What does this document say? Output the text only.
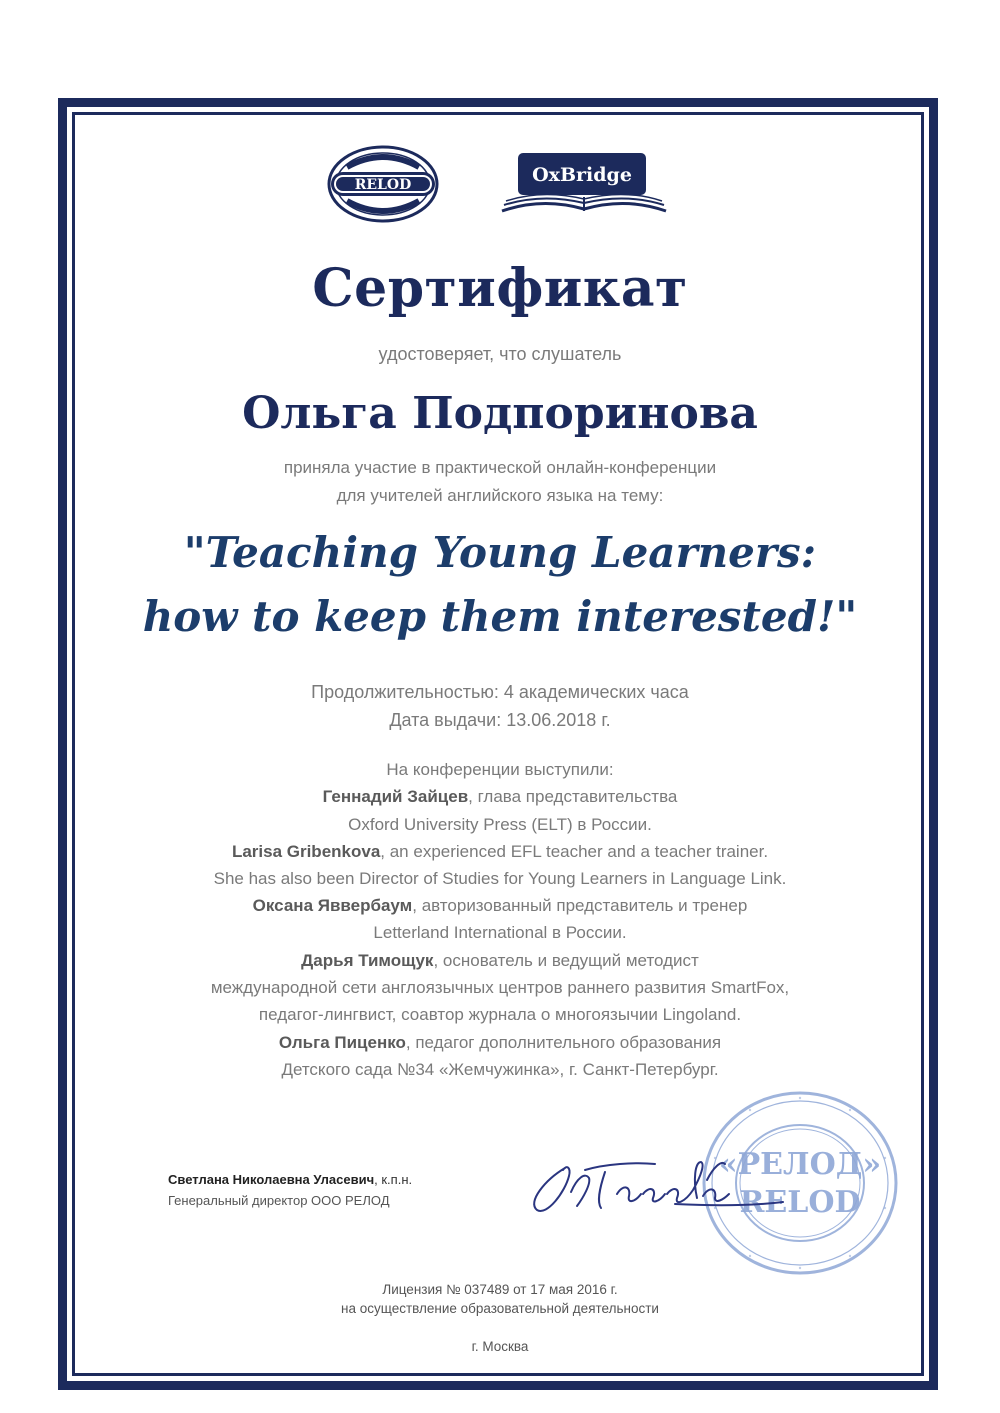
RELOD	OxBridge
Сертификат
удостоверяет, что слушатель
Ольга Подпоринова
приняла участие в практической онлайн-конференции
для учителей английского языка на тему:
"Teaching Young Learners:
how to keep them interested!"
Продолжительностью: 4 академических часа
Дата выдачи: 13.06.2018 г.
На конференции выступили:
Геннадий Зайцев, глава представительства
Oxford University Press (ELT) в России.
Larisa Gribenkova, an experienced EFL teacher and a teacher trainer.
She has also been Director of Studies for Young Learners in Language Link.
Оксана Яввербаум, авторизованный представитель и тренер
Letterland International в России.
Дарья Тимощук, основатель и ведущий методист
международной сети англоязычных центров раннего развития SmartFox,
педагог-лингвист, соавтор журнала о многоязычии Lingoland.
Ольга Пиценко, педагог дополнительного образования
Детского сада №34 «Жемчужинка», г. Санкт-Петербург.
Светлана Николаевна Уласевич, к.п.н.
Генеральный директор ООО РЕЛОД
«РЕЛОД»
RELOD
Лицензия № 037489 от 17 мая 2016 г.
на осуществление образовательной деятельности
г. Москва
